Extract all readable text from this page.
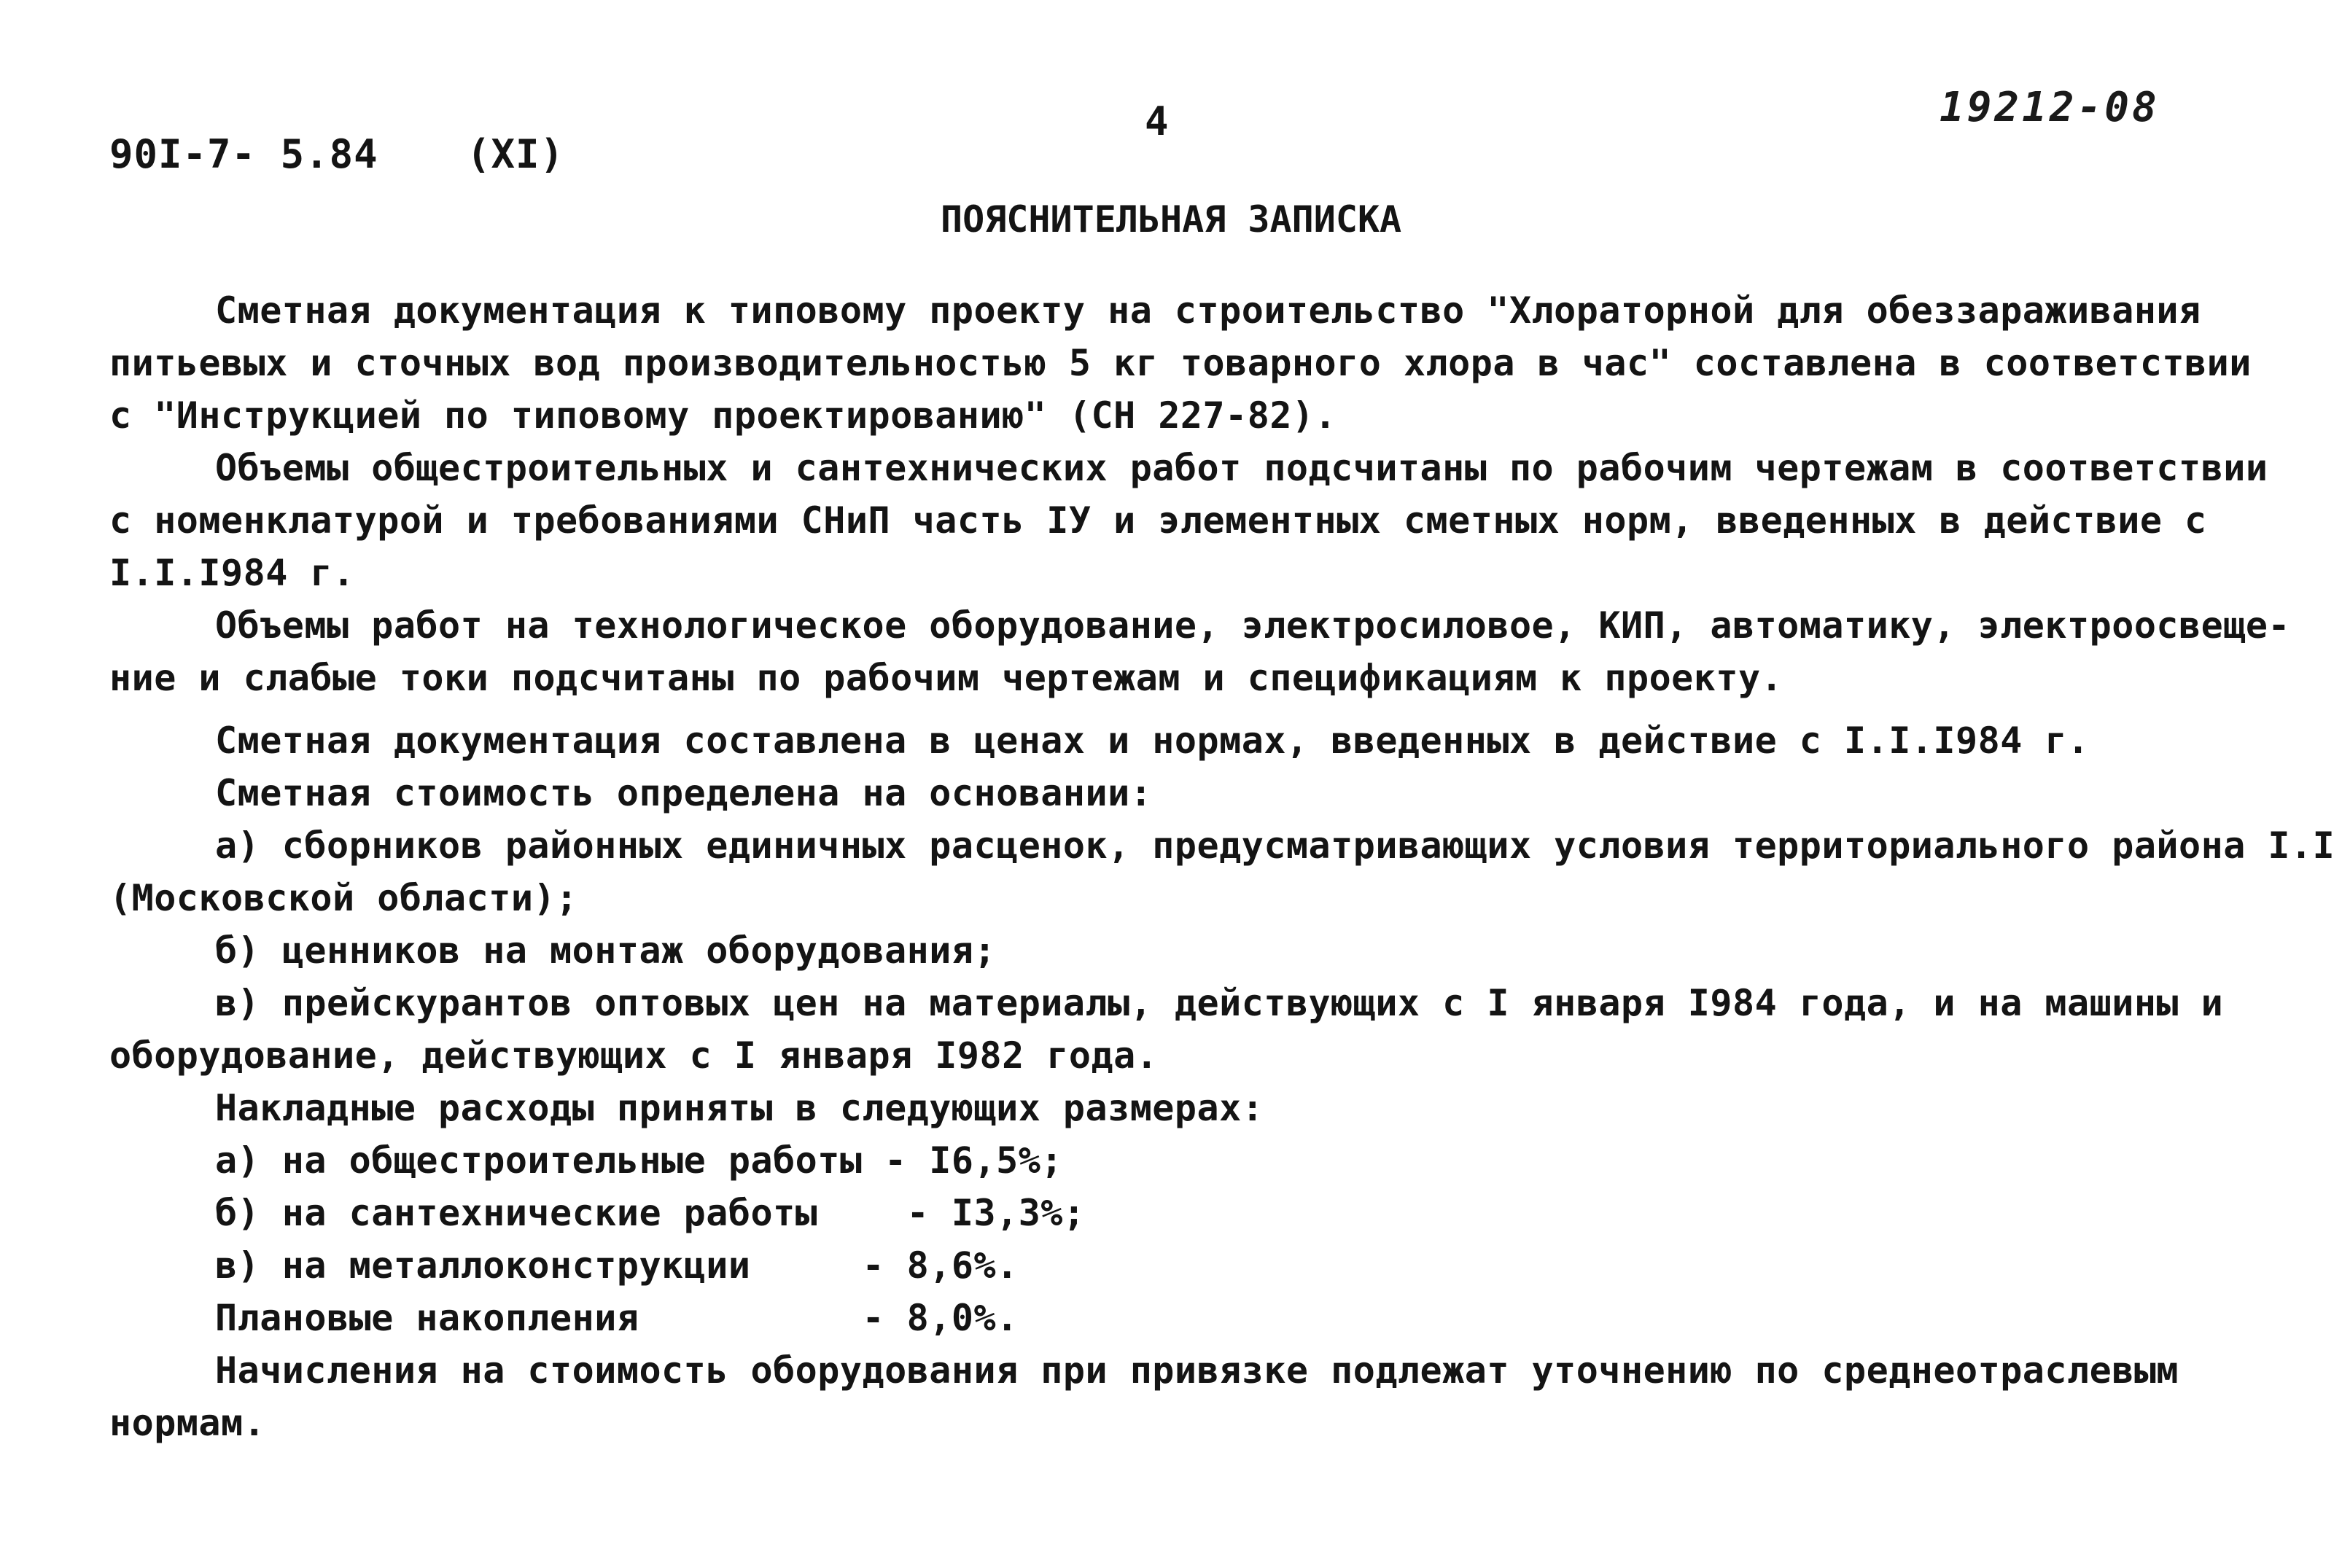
90I-7- 5.84 (XI)
4	19212-08
ПОЯСНИТЕЛЬНАЯ ЗАПИСКА

Сметная документация к типовому проекту на строительство "Хлораторной для обеззараживания

питьевых и сточных вод производительностью 5 кг товарного хлора в час" составлена в соответствии

с "Инструкцией по типовому проектированию" (СН 227-82).

Объемы общестроительных и сантехнических работ подсчитаны по рабочим чертежам в соответствии

с номенклатурой и требованиями СНиП часть IУ и элементных сметных норм, введенных в действие с

I.I.I984 г.

Объемы работ на технологическое оборудование, электросиловое, КИП, автоматику, электроосвеще-

ние и слабые токи подсчитаны по рабочим чертежам и спецификациям к проекту.

Сметная документация составлена в ценах и нормах, введенных в действие с I.I.I984 г.

Сметная стоимость определена на основании:

а) сборников районных единичных расценок, предусматривающих условия территориального района I.I

(Московской области);

б) ценников на монтаж оборудования;

в) прейскурантов оптовых цен на материалы, действующих с I января I984 года, и на машины и

оборудование, действующих с I января I982 года.

Накладные расходы приняты в следующих размерах:

а) на общестроительные работы - I6,5%;

б) на сантехнические работы    - I3,3%;

в) на металлоконструкции     - 8,6%.

Плановые накопления          - 8,0%.

Начисления на стоимость оборудования при привязке подлежат уточнению по среднеотраслевым

нормам.
